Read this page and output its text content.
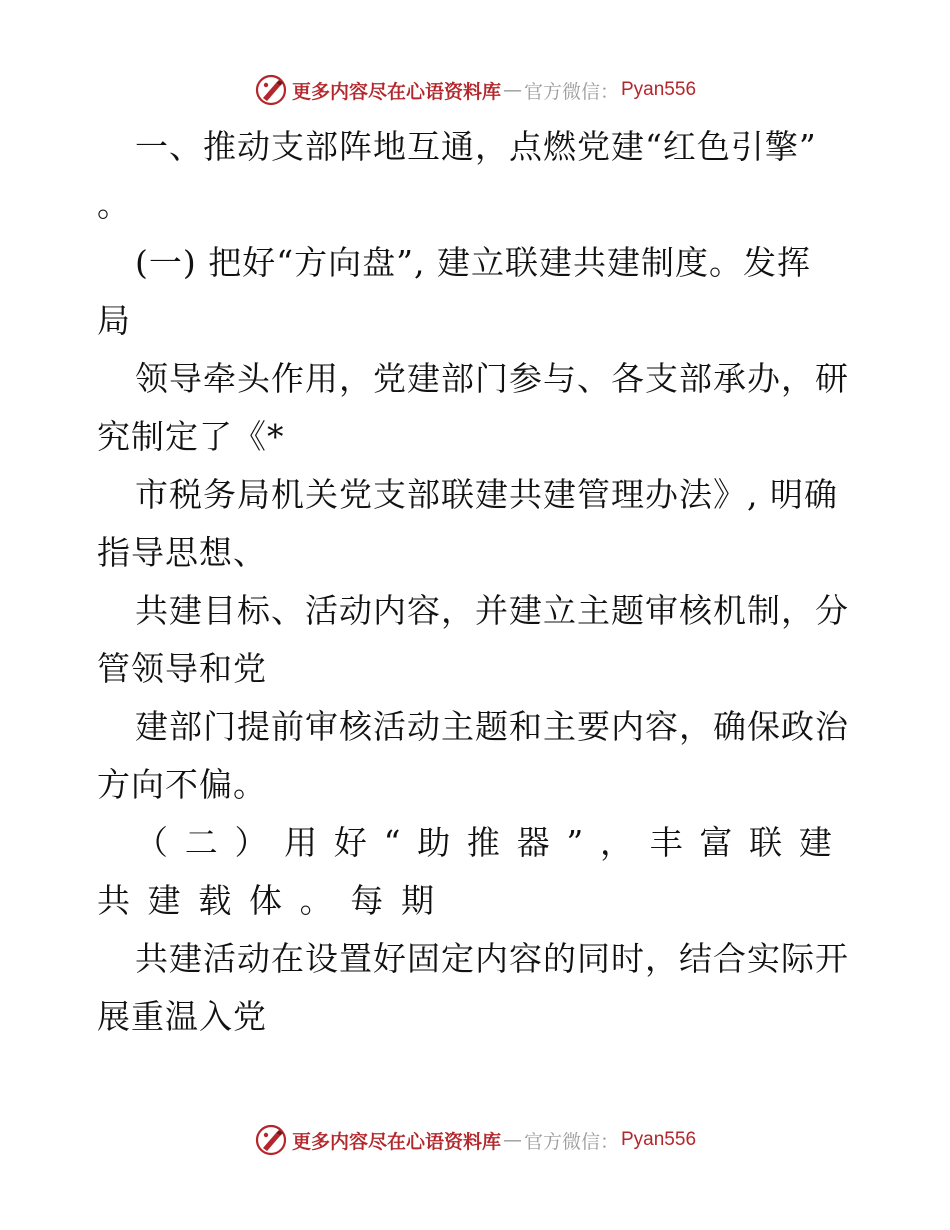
更多内容尽在心语资料库 — 官方微信： Pyan556
一、推动支部阵地互通，点燃党建“红色引擎”
。
(一) 把好“方向盘”, 建立联建共建制度。发挥
局
领导牵头作用，党建部门参与、各支部承办，研
究制定了《*
市税务局机关党支部联建共建管理办法》, 明确
指导思想、
共建目标、活动内容，并建立主题审核机制，分
管领导和党
建部门提前审核活动主题和主要内容，确保政治
方向不偏。
（ 二 ） 用 好 “ 助 推 器 ” ， 丰 富 联 建
共 建 载 体 。 每 期
共建活动在设置好固定内容的同时，结合实际开
展重温入党
更多内容尽在心语资料库 — 官方微信： Pyan556
